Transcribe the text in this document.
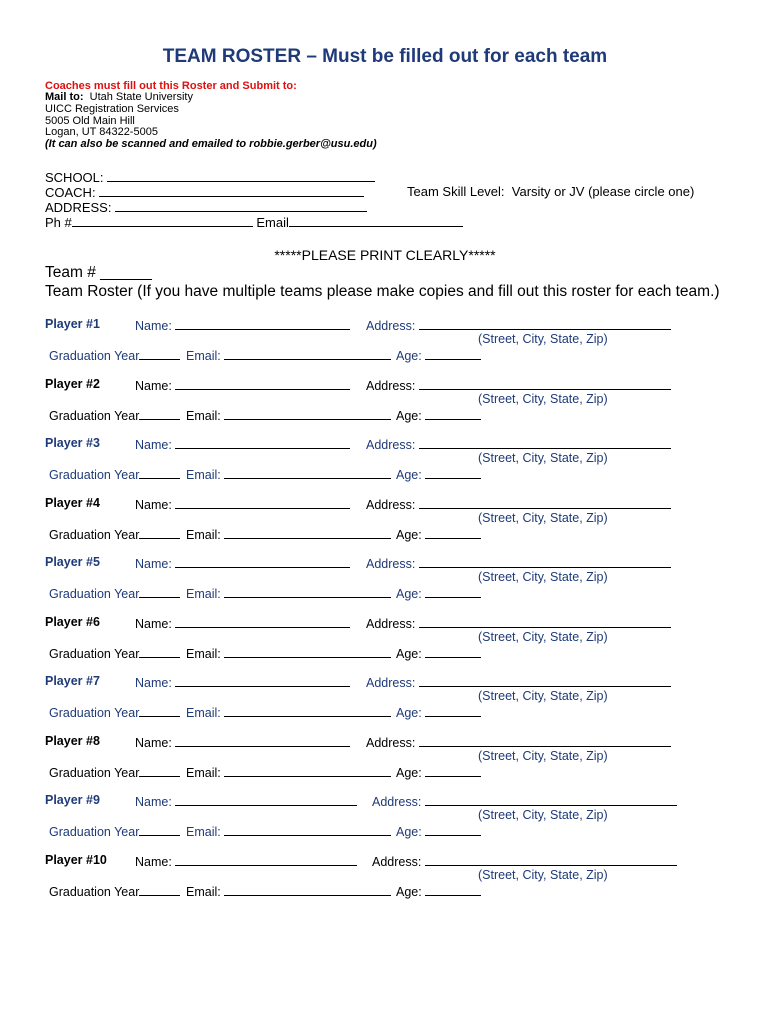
TEAM ROSTER – Must be filled out for each team
Coaches must fill out this Roster and Submit to:
Mail to: Utah State University
UICC Registration Services
5005 Old Main Hill
Logan, UT 84322-5005
(It can also be scanned and emailed to robbie.gerber@usu.edu)
SCHOOL:
COACH:	Team Skill Level:  Varsity or JV (please circle one)
ADDRESS:
Ph #	Email
*****PLEASE PRINT CLEARLY*****
Team # ______
Team Roster (If you have multiple teams please make copies and fill out this roster for each team.)
Player #1	Name:	Address:
(Street, City, State, Zip)
Graduation Year	Email:	Age:
Player #2	Name:	Address:
(Street, City, State, Zip)
Graduation Year	Email:	Age:
Player #3	Name:	Address:
(Street, City, State, Zip)
Graduation Year	Email:	Age:
Player #4	Name:	Address:
(Street, City, State, Zip)
Graduation Year	Email:	Age:
Player #5	Name:	Address:
(Street, City, State, Zip)
Graduation Year	Email:	Age:
Player #6	Name:	Address:
(Street, City, State, Zip)
Graduation Year	Email:	Age:
Player #7	Name:	Address:
(Street, City, State, Zip)
Graduation Year	Email:	Age:
Player #8	Name:	Address:
(Street, City, State, Zip)
Graduation Year	Email:	Age:
Player #9	Name:	Address:
(Street, City, State, Zip)
Graduation Year	Email:	Age:
Player #10 Name:	Address:
(Street, City, State, Zip)
Graduation Year	Email:	Age:
